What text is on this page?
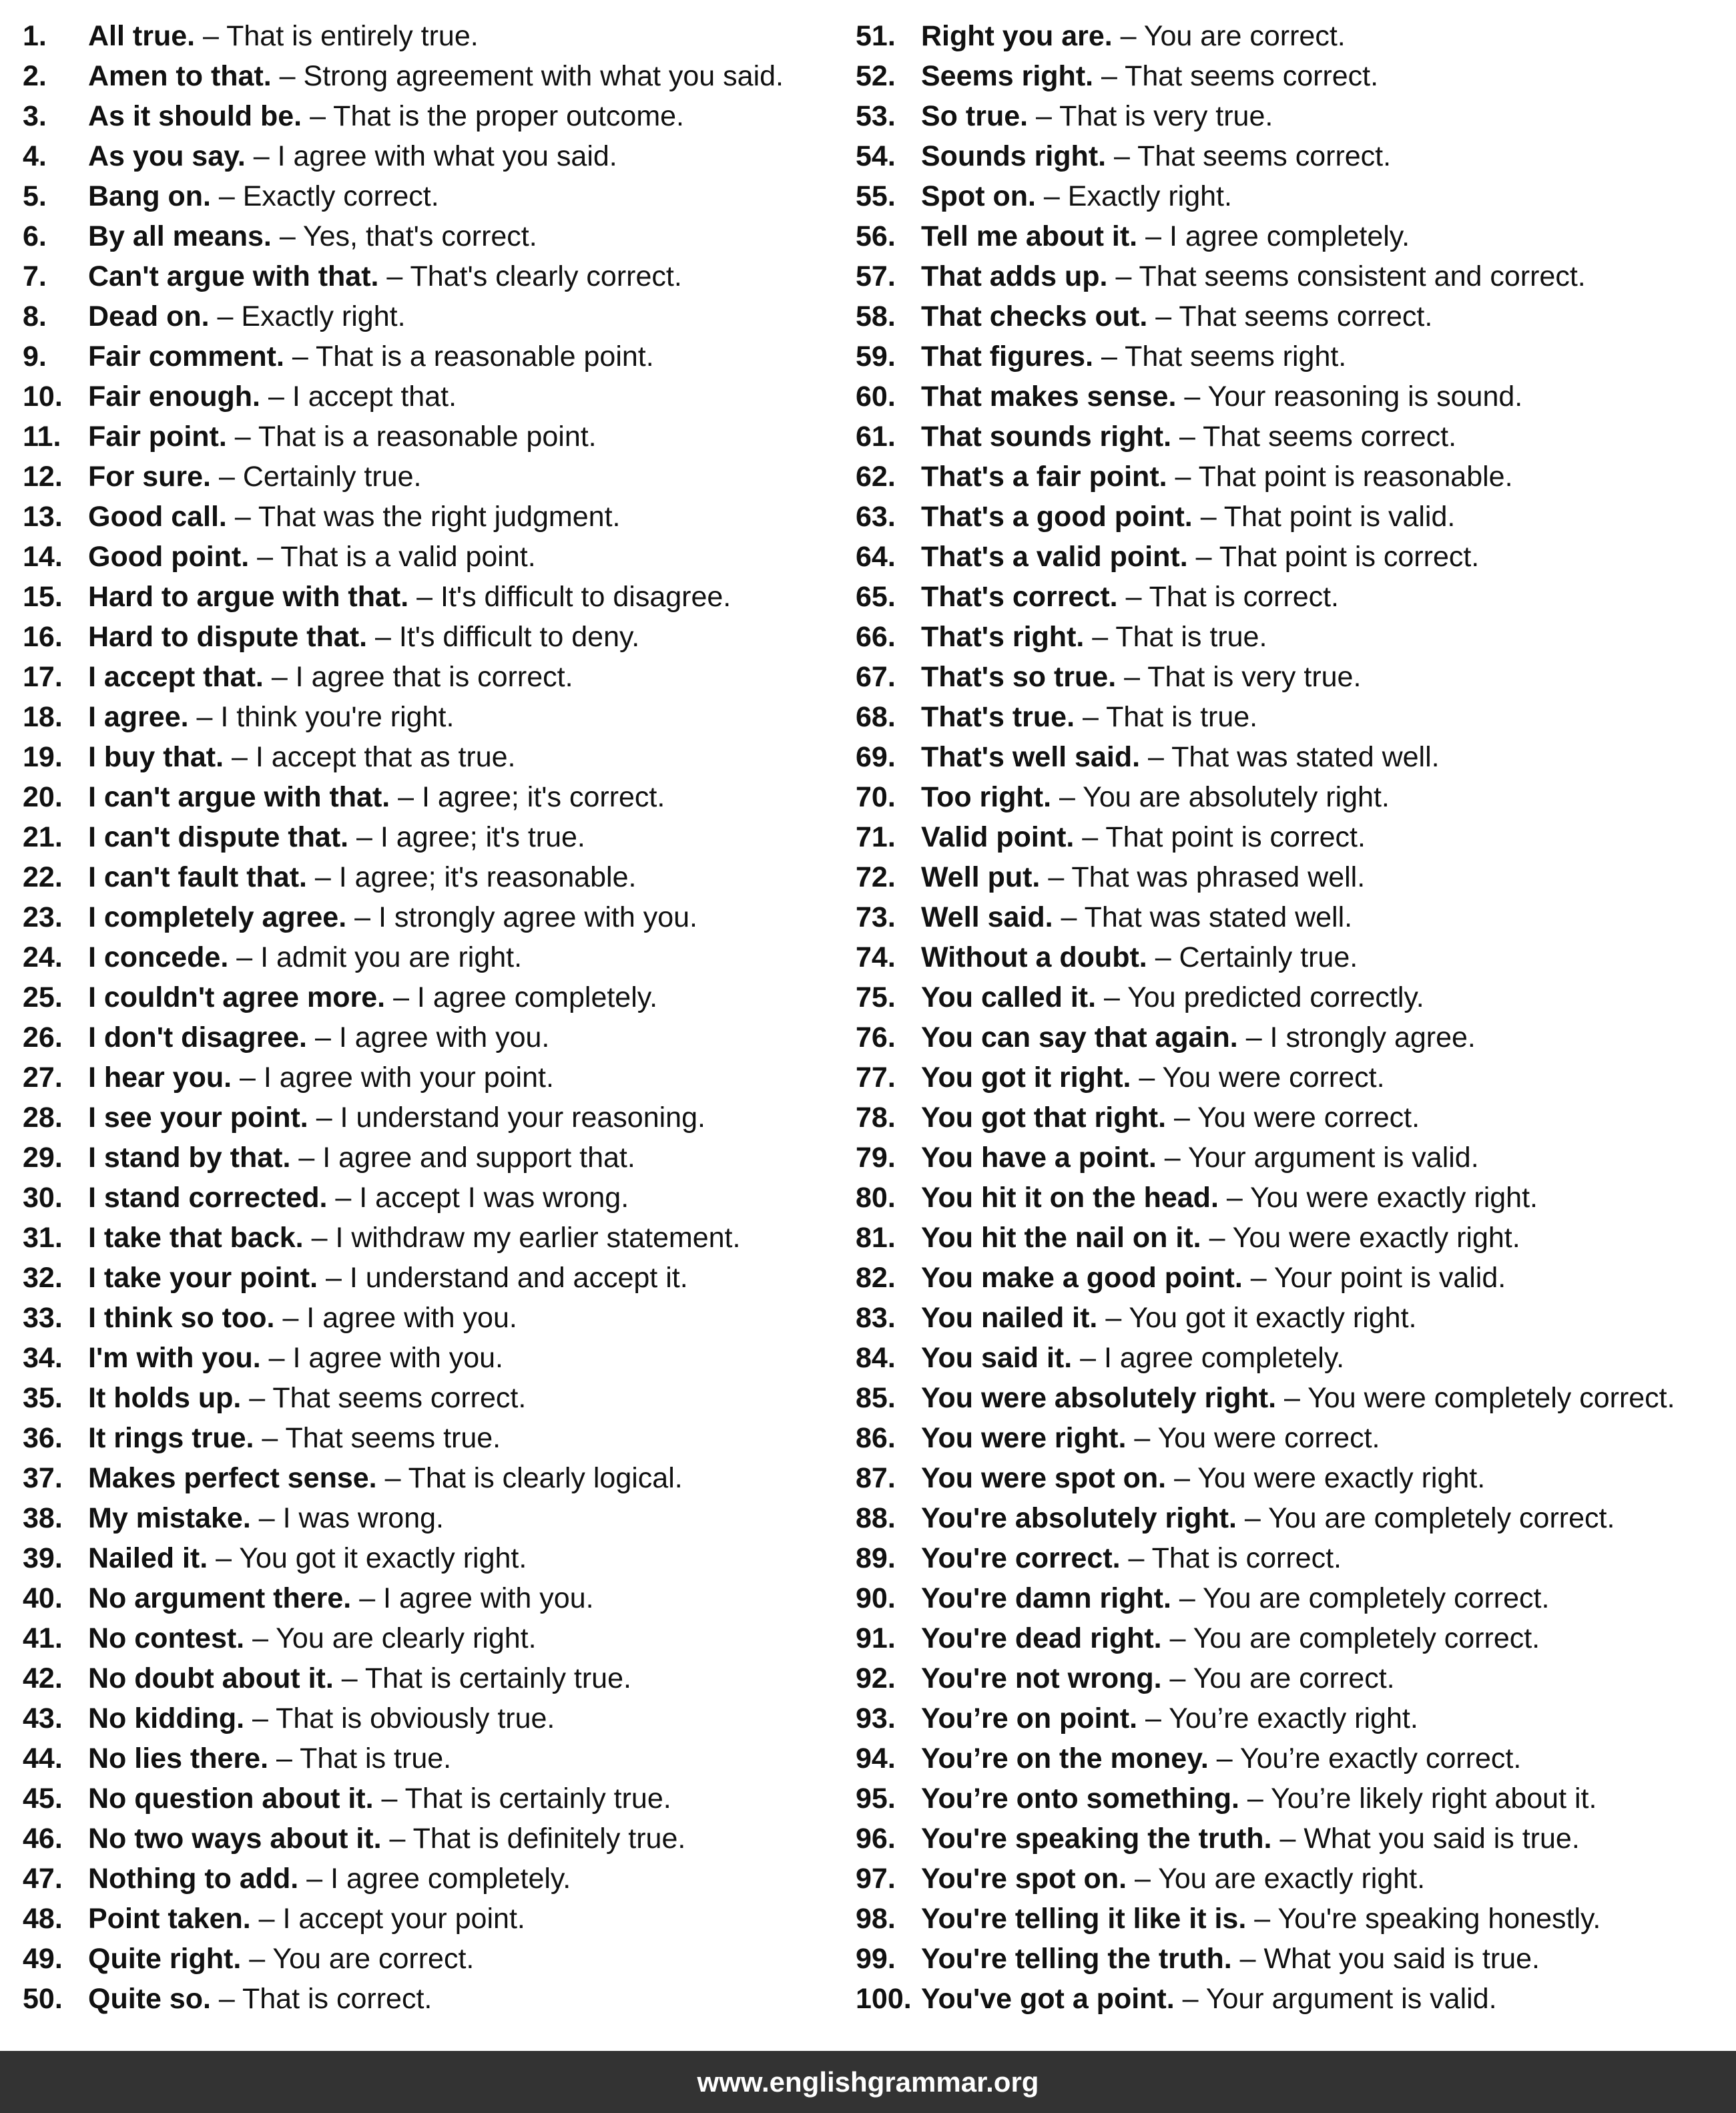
1. All true. – That is entirely true.
2. Amen to that. – Strong agreement with what you said.
3. As it should be. – That is the proper outcome.
4. As you say. – I agree with what you said.
5. Bang on. – Exactly correct.
6. By all means. – Yes, that's correct.
7. Can't argue with that. – That's clearly correct.
8. Dead on. – Exactly right.
9. Fair comment. – That is a reasonable point.
10. Fair enough. – I accept that.
11. Fair point. – That is a reasonable point.
12. For sure. – Certainly true.
13. Good call. – That was the right judgment.
14. Good point. – That is a valid point.
15. Hard to argue with that. – It's difficult to disagree.
16. Hard to dispute that. – It's difficult to deny.
17. I accept that. – I agree that is correct.
18. I agree. – I think you're right.
19. I buy that. – I accept that as true.
20. I can't argue with that. – I agree; it's correct.
21. I can't dispute that. – I agree; it's true.
22. I can't fault that. – I agree; it's reasonable.
23. I completely agree. – I strongly agree with you.
24. I concede. – I admit you are right.
25. I couldn't agree more. – I agree completely.
26. I don't disagree. – I agree with you.
27. I hear you. – I agree with your point.
28. I see your point. – I understand your reasoning.
29. I stand by that. – I agree and support that.
30. I stand corrected. – I accept I was wrong.
31. I take that back. – I withdraw my earlier statement.
32. I take your point. – I understand and accept it.
33. I think so too. – I agree with you.
34. I'm with you. – I agree with you.
35. It holds up. – That seems correct.
36. It rings true. – That seems true.
37. Makes perfect sense. – That is clearly logical.
38. My mistake. – I was wrong.
39. Nailed it. – You got it exactly right.
40. No argument there. – I agree with you.
41. No contest. – You are clearly right.
42. No doubt about it. – That is certainly true.
43. No kidding. – That is obviously true.
44. No lies there. – That is true.
45. No question about it. – That is certainly true.
46. No two ways about it. – That is definitely true.
47. Nothing to add. – I agree completely.
48. Point taken. – I accept your point.
49. Quite right. – You are correct.
50. Quite so. – That is correct.
51. Right you are. – You are correct.
52. Seems right. – That seems correct.
53. So true. – That is very true.
54. Sounds right. – That seems correct.
55. Spot on. – Exactly right.
56. Tell me about it. – I agree completely.
57. That adds up. – That seems consistent and correct.
58. That checks out. – That seems correct.
59. That figures. – That seems right.
60. That makes sense. – Your reasoning is sound.
61. That sounds right. – That seems correct.
62. That's a fair point. – That point is reasonable.
63. That's a good point. – That point is valid.
64. That's a valid point. – That point is correct.
65. That's correct. – That is correct.
66. That's right. – That is true.
67. That's so true. – That is very true.
68. That's true. – That is true.
69. That's well said. – That was stated well.
70. Too right. – You are absolutely right.
71. Valid point. – That point is correct.
72. Well put. – That was phrased well.
73. Well said. – That was stated well.
74. Without a doubt. – Certainly true.
75. You called it. – You predicted correctly.
76. You can say that again. – I strongly agree.
77. You got it right. – You were correct.
78. You got that right. – You were correct.
79. You have a point. – Your argument is valid.
80. You hit it on the head. – You were exactly right.
81. You hit the nail on it. – You were exactly right.
82. You make a good point. – Your point is valid.
83. You nailed it. – You got it exactly right.
84. You said it. – I agree completely.
85. You were absolutely right. – You were completely correct.
86. You were right. – You were correct.
87. You were spot on. – You were exactly right.
88. You're absolutely right. – You are completely correct.
89. You're correct. – That is correct.
90. You're damn right. – You are completely correct.
91. You're dead right. – You are completely correct.
92. You're not wrong. – You are correct.
93. You’re on point. – You’re exactly right.
94. You’re on the money. – You’re exactly correct.
95. You’re onto something. – You’re likely right about it.
96. You're speaking the truth. – What you said is true.
97. You're spot on. – You are exactly right.
98. You're telling it like it is. – You're speaking honestly.
99. You're telling the truth. – What you said is true.
100. You've got a point. – Your argument is valid.
www.englishgrammar.org
